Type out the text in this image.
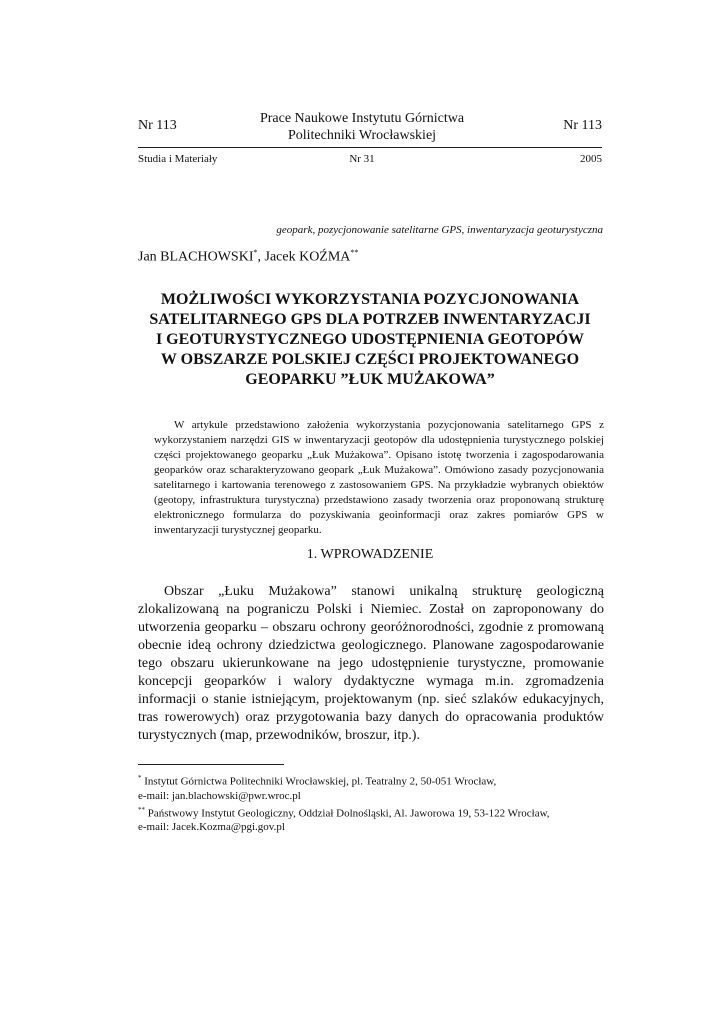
Nr 113	Prace Naukowe Instytutu Górnictwa
Politechniki Wrocławskiej
Nr 113
Studia i Materiały	Nr 31	2005
geopark, pozycjonowanie satelitarne GPS, inwentaryzacja geoturystyczna
Jan BLACHOWSKI*, Jacek KOŹMA**
MOŻLIWOŚCI WYKORZYSTANIA POZYCJONOWANIA
SATELITARNEGO GPS DLA POTRZEB INWENTARYZACJI
I GEOTURYSTYCZNEGO UDOSTĘPNIENIA GEOTOPÓW
W OBSZARZE POLSKIEJ CZĘŚCI PROJEKTOWANEGO
GEOPARKU ”ŁUK MUŻAKOWA”
W artykule przedstawiono założenia wykorzystania pozycjonowania satelitarnego GPS z wykorzystaniem narzędzi GIS w inwentaryzacji geotopów dla udostępnienia turystycznego polskiej części projektowanego geoparku „Łuk Mużakowa”. Opisano istotę tworzenia i zagospodarowania geoparków oraz scharakteryzowano geopark „Łuk Mużakowa”. Omówiono zasady pozycjonowania satelitarnego i kartowania terenowego z zastosowaniem GPS. Na przykładzie wybranych obiektów (geotopy, infrastruktura turystyczna) przedstawiono zasady tworzenia oraz proponowaną strukturę elektronicznego formularza do pozyskiwania geoinformacji oraz zakres pomiarów GPS w inwentaryzacji turystycznej geoparku.
1. WPROWADZENIE
Obszar „Łuku Mużakowa” stanowi unikalną strukturę geologiczną zlokalizowaną na pograniczu Polski i Niemiec. Został on zaproponowany do utworzenia geoparku – obszaru ochrony georóżnorodności, zgodnie z promowaną obecnie ideą ochrony dziedzictwa geologicznego. Planowane zagospodarowanie tego obszaru ukierunkowane na jego udostępnienie turystyczne, promowanie koncepcji geoparków i walory dydaktyczne wymaga m.in. zgromadzenia informacji o stanie istniejącym, projektowanym (np. sieć szlaków edukacyjnych, tras rowerowych) oraz przygotowania bazy danych do opracowania produktów turystycznych (map, przewodników, broszur, itp.).
* Instytut Górnictwa Politechniki Wrocławskiej, pl. Teatralny 2, 50-051 Wrocław,
e-mail: jan.blachowski@pwr.wroc.pl
** Państwowy Instytut Geologiczny, Oddział Dolnośląski, Al. Jaworowa 19, 53-122 Wrocław,
e-mail: Jacek.Kozma@pgi.gov.pl
